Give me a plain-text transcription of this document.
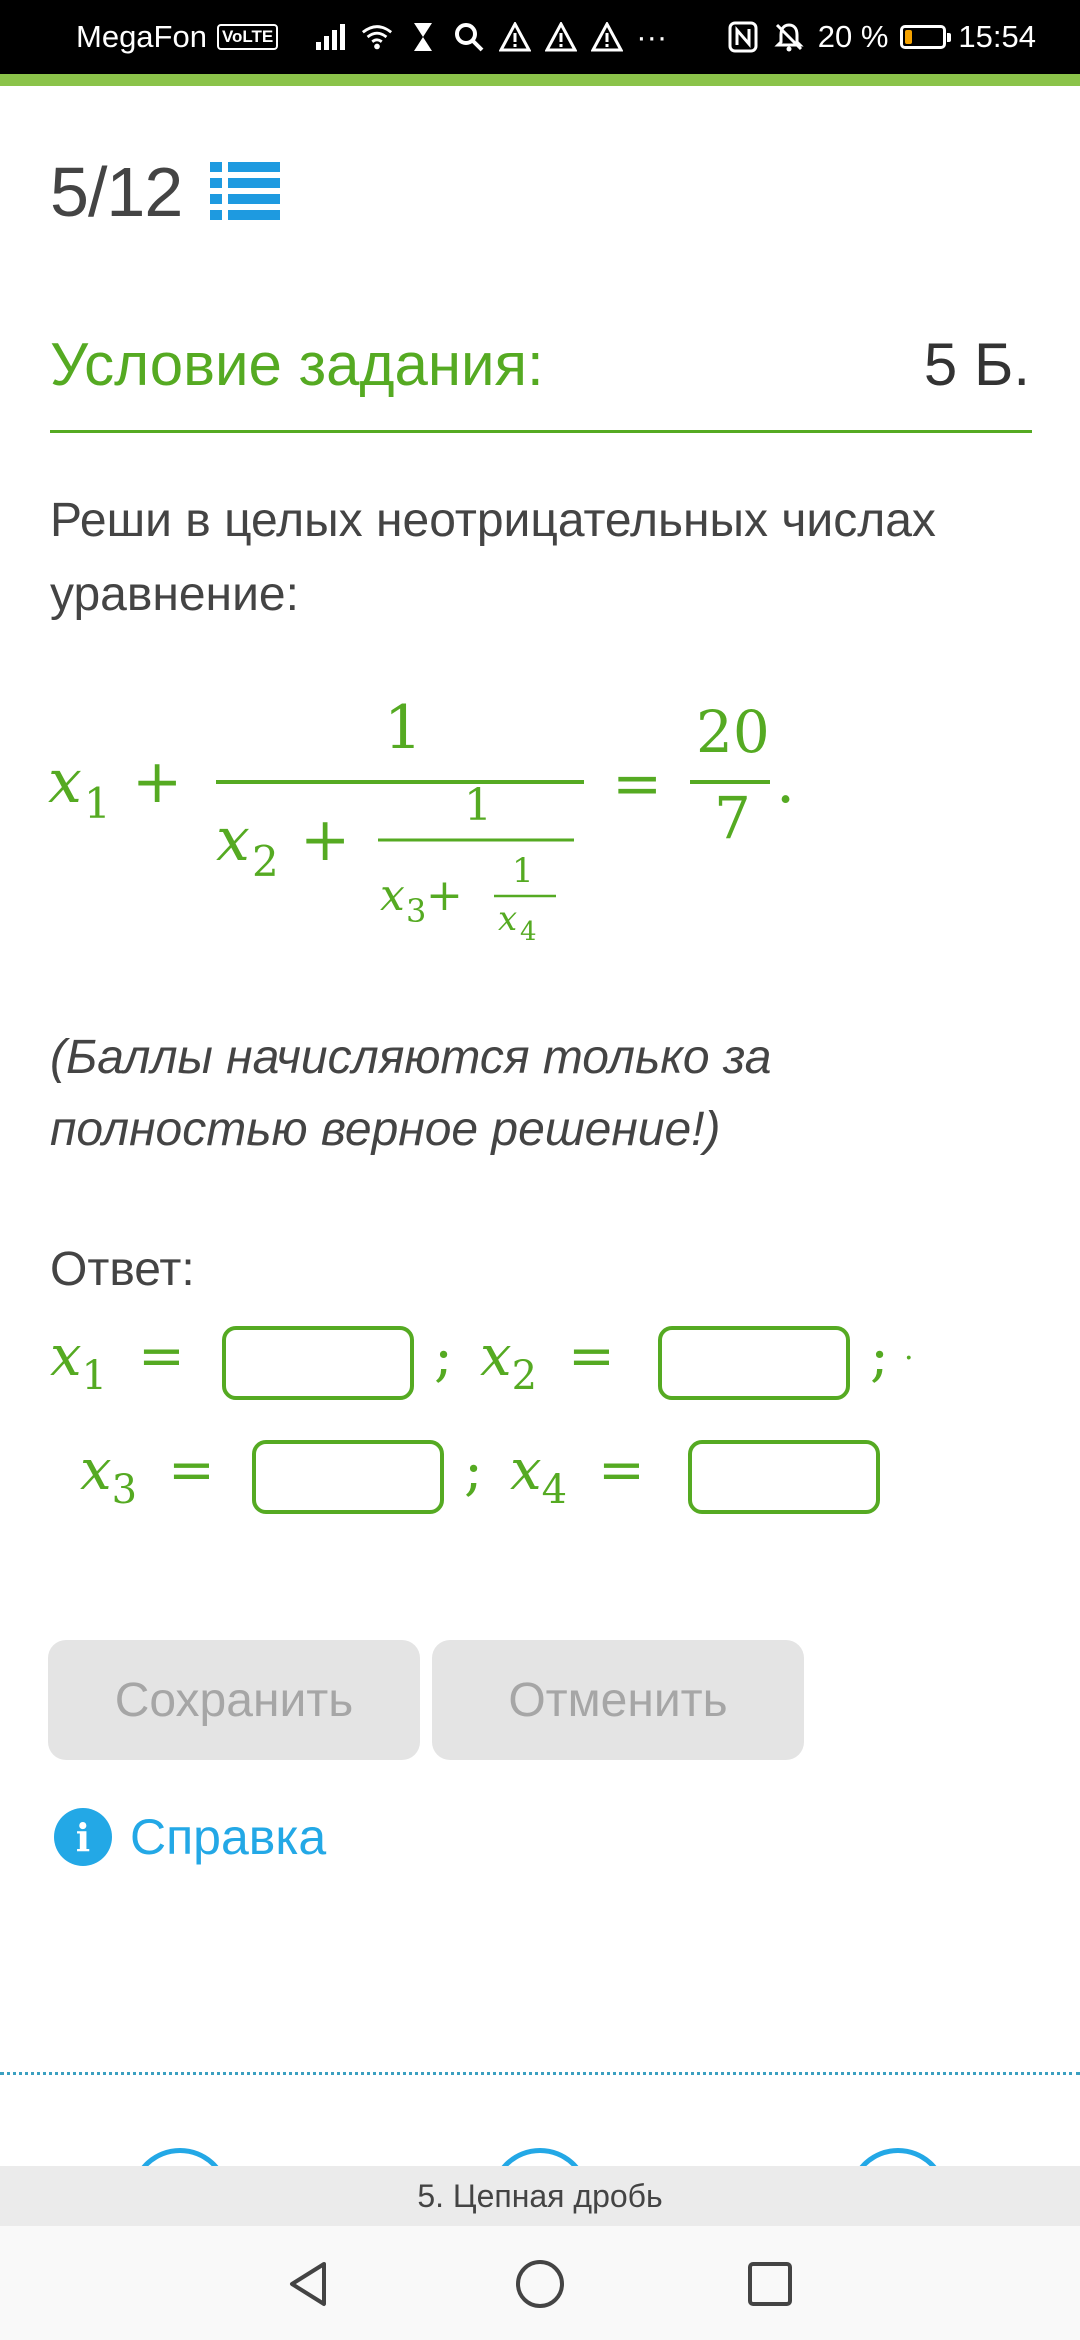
MegaFon VoLTE	···	20 % 15:54
5/12
Условие задания:	5 Б.
Реши в целых неотрицательных числах уравнение:
x 1 +
1
x 2 +	1
x 3 + 1
x 4
=
20
7
.
(Баллы начисляются только за полностью верное решение!)
Ответ:
$x_1$ =	; $x_2$ =	; .
$x_3$ =	; $x_4$ =
Сохранить	Отменить
i Справка
5. Цепная дробь
